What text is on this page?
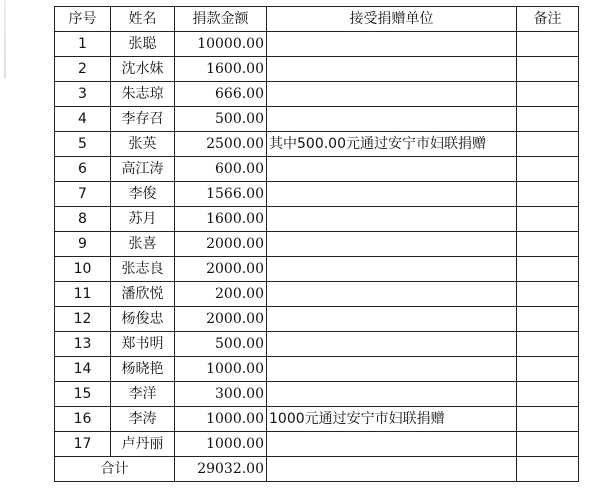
序号	姓名	捐款金额	接受捐赠单位	备注
1	张聪	10000.00		
2	沈水妹	1600.00		
3	朱志琼	666.00		
4	李存召	500.00		
5	张英	2500.00	其中500.00元通过安宁市妇联捐赠	
6	高江涛	600.00		
7	李俊	1566.00		
8	苏月	1600.00		
9	张喜	2000.00		
10	张志良	2000.00		
11	潘欣悦	200.00		
12	杨俊忠	2000.00		
13	郑书明	500.00		
14	杨晓艳	1000.00		
15	李洋	300.00		
16	李涛	1000.00	1000元通过安宁市妇联捐赠	
17	卢丹丽	1000.00		
合计		29032.00		
